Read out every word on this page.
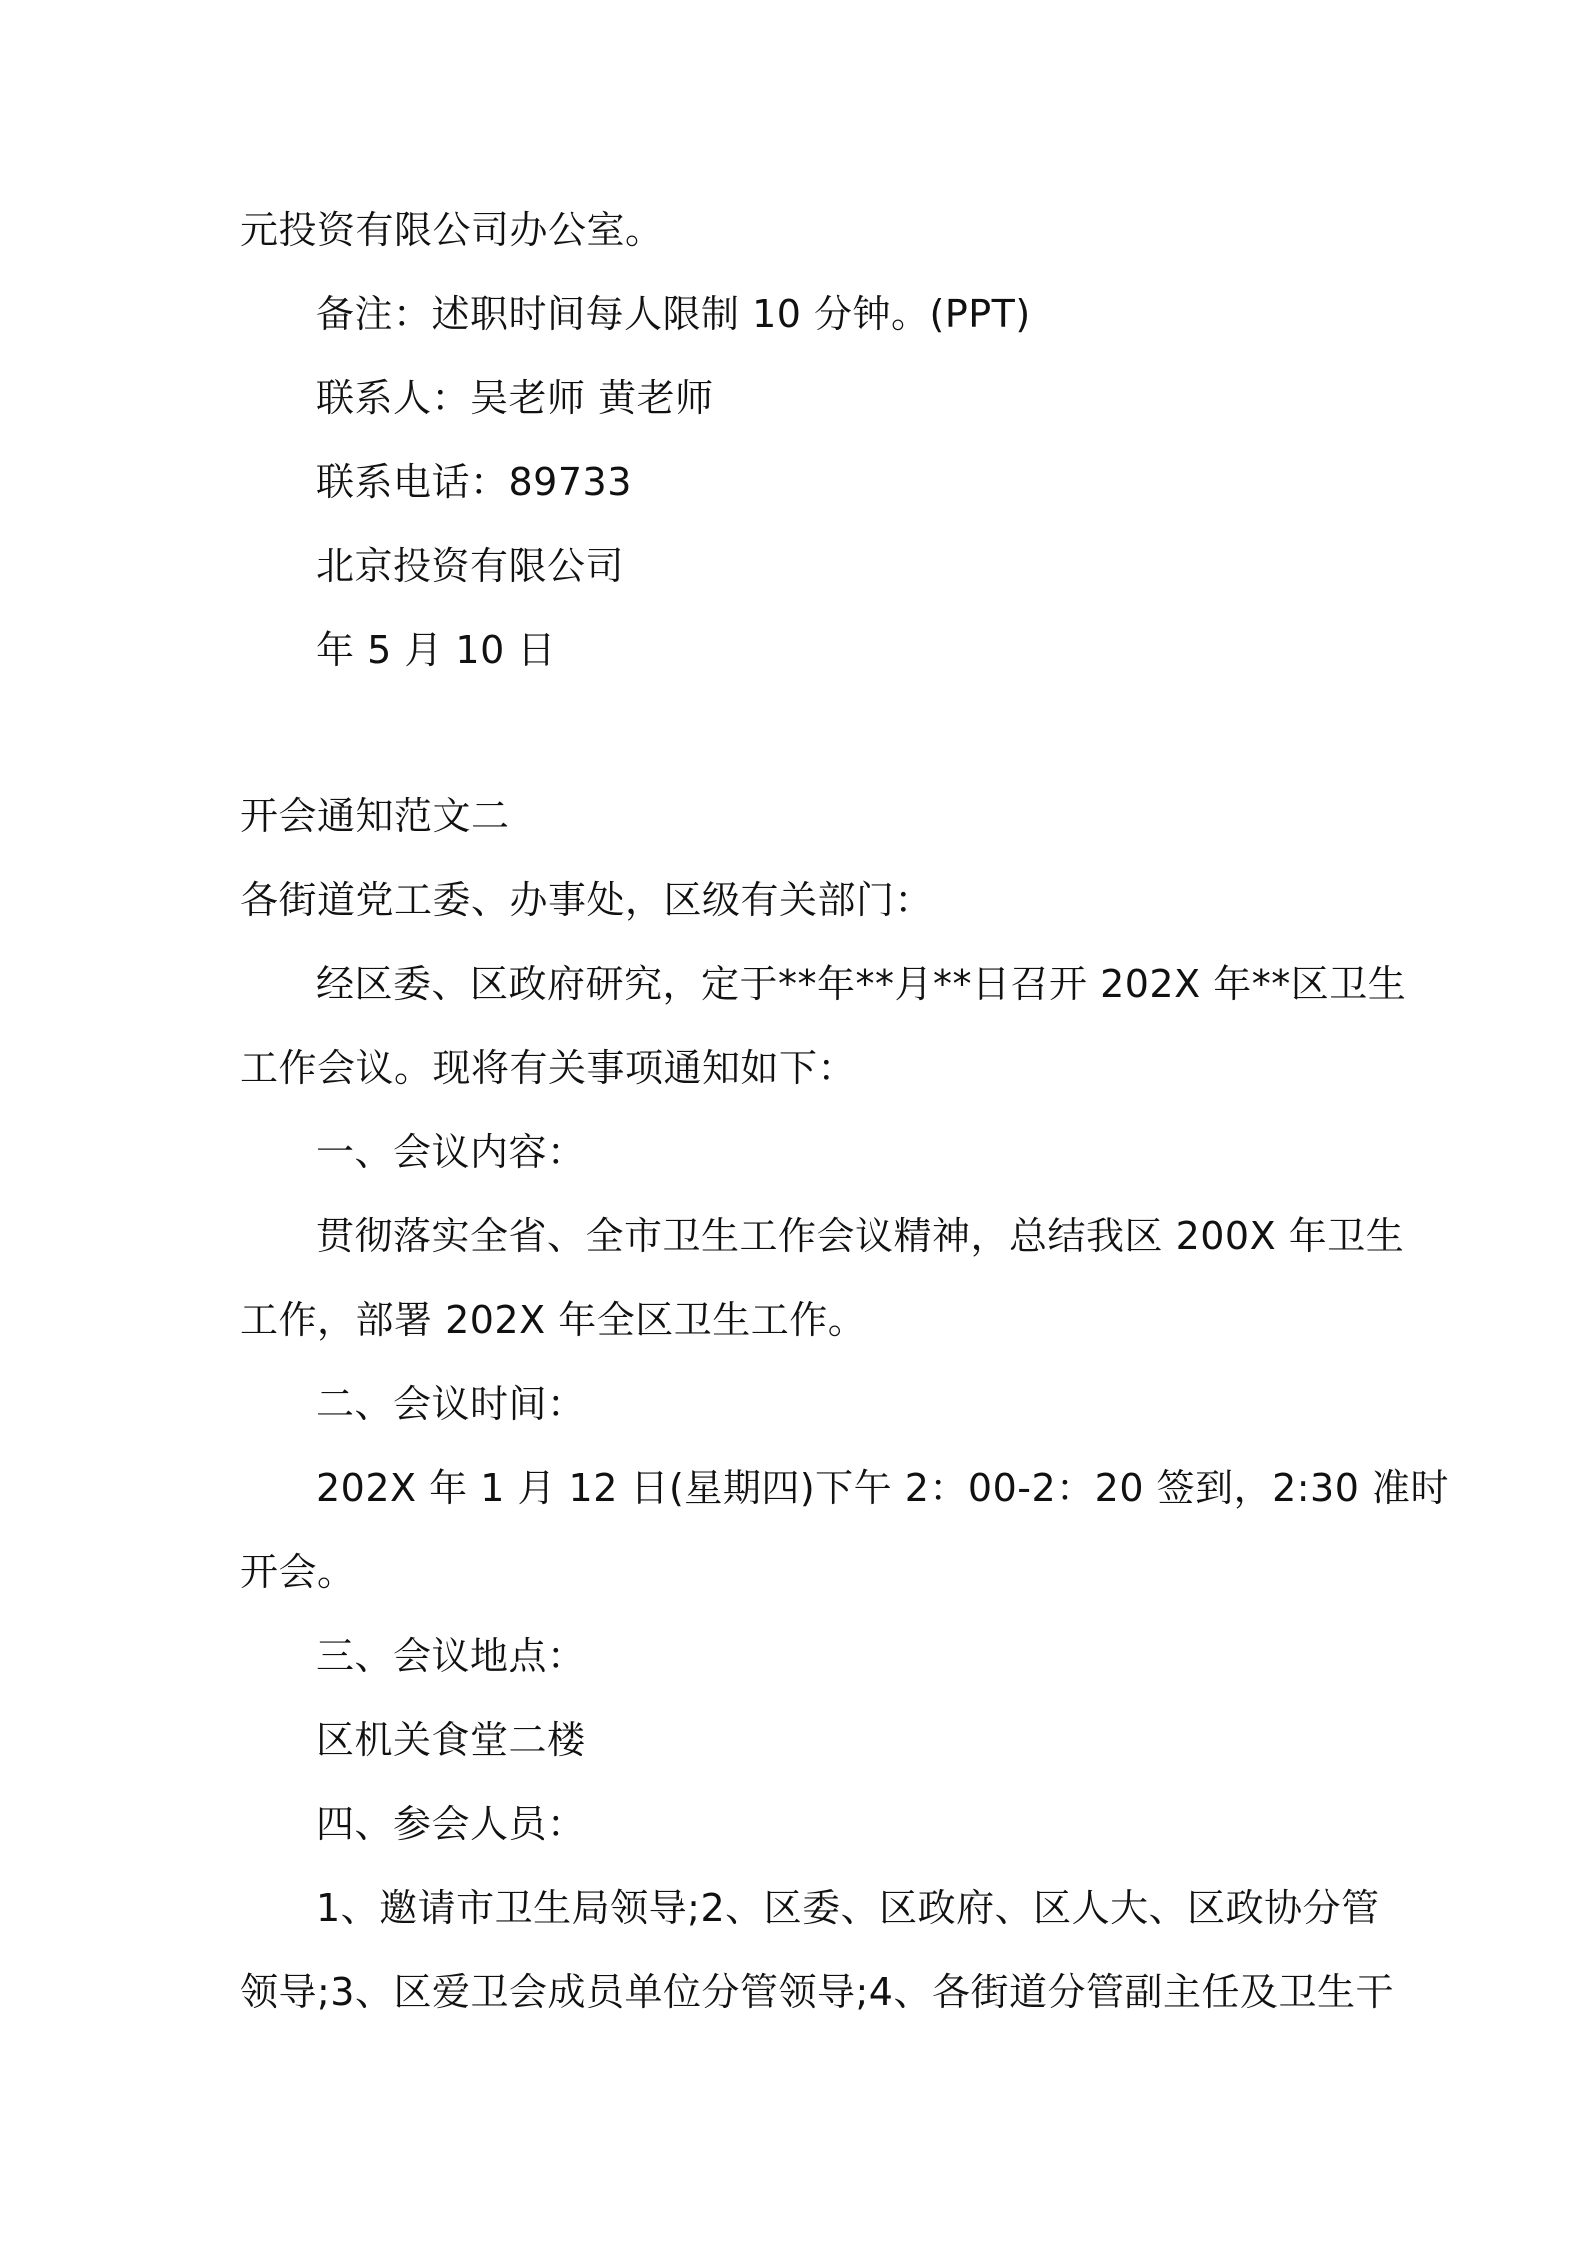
元投资有限公司办公室。
备注：述职时间每人限制 10 分钟。(PPT)
联系人：吴老师 黄老师
联系电话：89733
北京投资有限公司
年 5 月 10 日
开会通知范文二
各街道党工委、办事处，区级有关部门：
经区委、区政府研究，定于**年**月**日召开 202X 年**区卫生
工作会议。现将有关事项通知如下：
一、会议内容：
贯彻落实全省、全市卫生工作会议精神，总结我区 200X 年卫生
工作，部署 202X 年全区卫生工作。
二、会议时间：
202X 年 1 月 12 日(星期四)下午 2：00-2：20 签到，2:30 准时
开会。
三、会议地点：
区机关食堂二楼
四、参会人员：
1、邀请市卫生局领导;2、区委、区政府、区人大、区政协分管
领导;3、区爱卫会成员单位分管领导;4、各街道分管副主任及卫生干
